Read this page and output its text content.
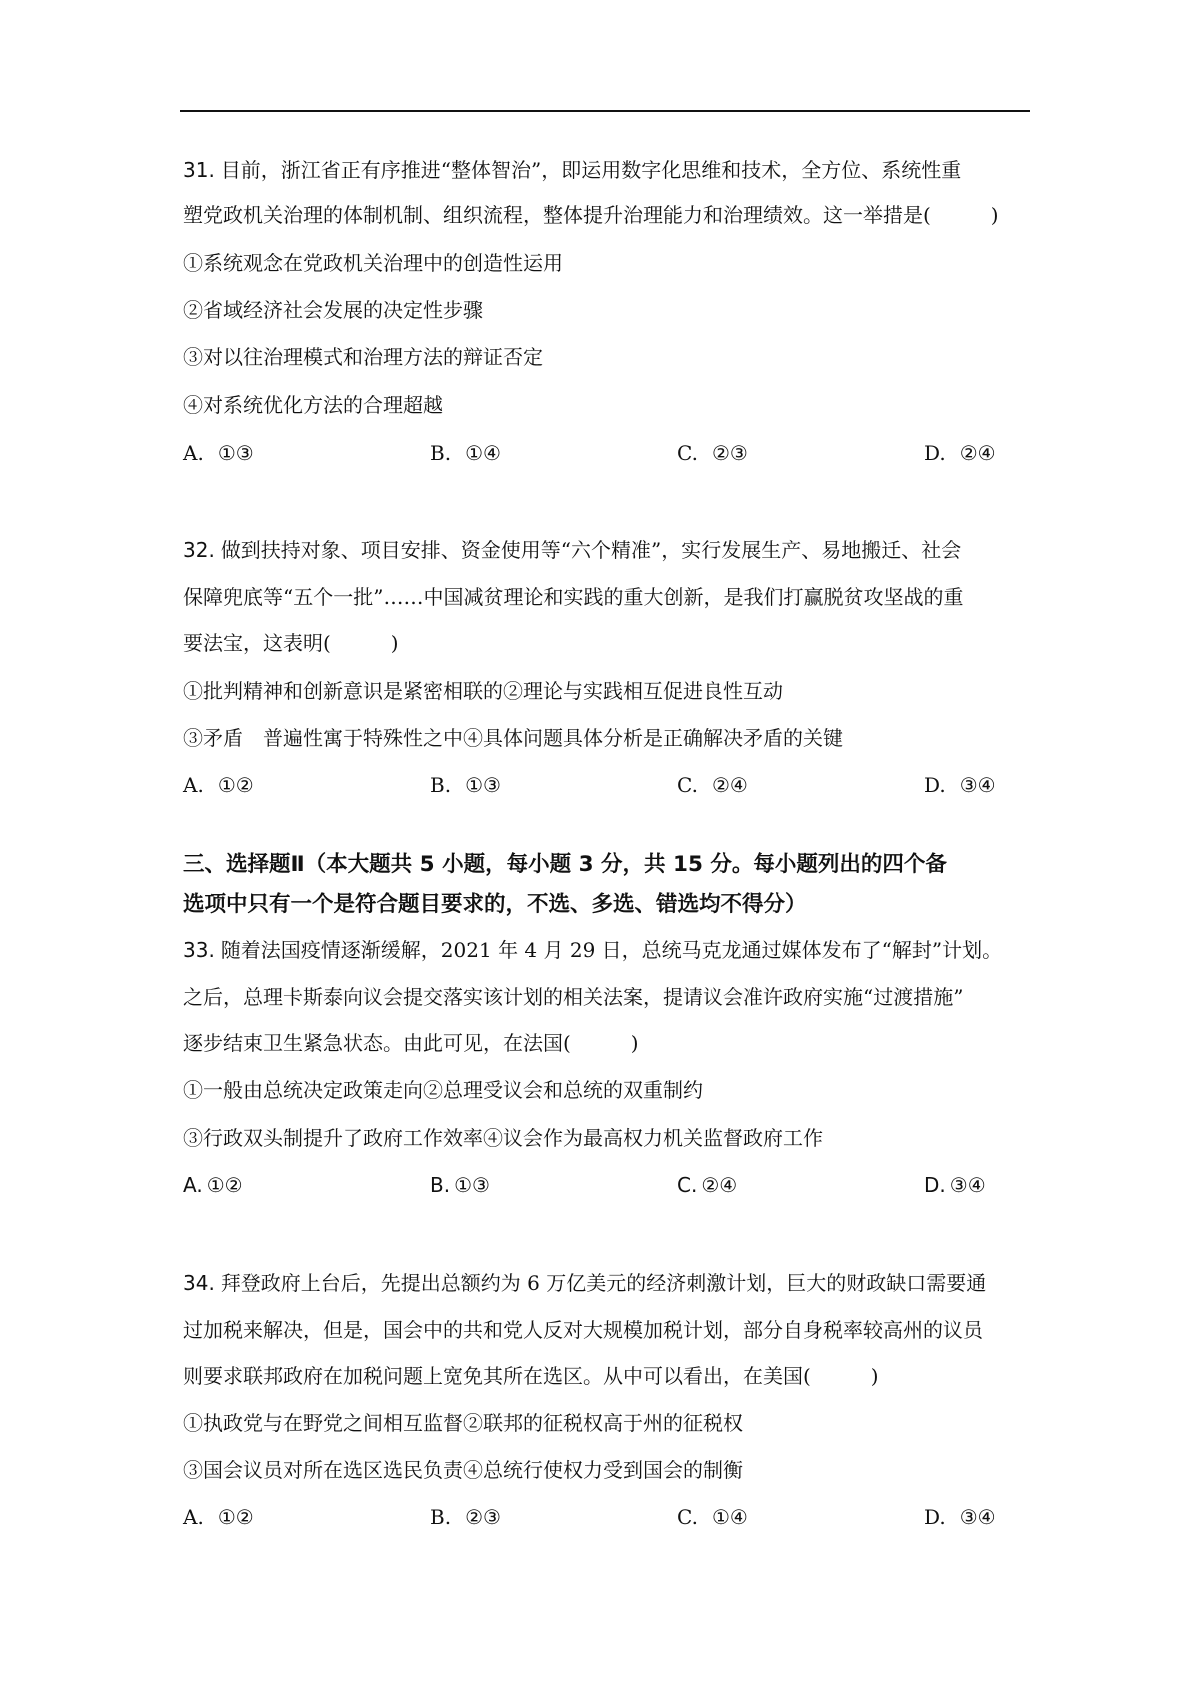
31. 目前，浙江省正有序推进“整体智治”，即运用数字化思维和技术，全方位、系统性重
塑党政机关治理的体制机制、组织流程，整体提升治理能力和治理绩效。这一举措是(　　　)
①系统观念在党政机关治理中的创造性运用
②省域经济社会发展的决定性步骤
③对以往治理模式和治理方法的辩证否定
④对系统优化方法的合理超越
A. ①③	B. ①④	C. ②③	D. ②④
32. 做到扶持对象、项目安排、资金使用等“六个精准”，实行发展生产、易地搬迁、社会
保障兜底等“五个一批”……中国减贫理论和实践的重大创新，是我们打赢脱贫攻坚战的重
要法宝，这表明(　　　)
①批判精神和创新意识是紧密相联的②理论与实践相互促进良性互动
③矛盾　普遍性寓于特殊性之中④具体问题具体分析是正确解决矛盾的关键
A. ①②	B. ①③	C. ②④	D. ③④
三、选择题Ⅱ（本大题共 5 小题，每小题 3 分，共 15 分。每小题列出的四个备
选项中只有一个是符合题目要求的，不选、多选、错选均不得分）
33. 随着法国疫情逐渐缓解，2021 年 4 月 29 日，总统马克龙通过媒体发布了“解封”计划。
之后，总理卡斯泰向议会提交落实该计划的相关法案，提请议会准许政府实施“过渡措施”
逐步结束卫生紧急状态。由此可见，在法国(　　　)
①一般由总统决定政策走向②总理受议会和总统的双重制约
③行政双头制提升了政府工作效率④议会作为最高权力机关监督政府工作
A. ①②	B. ①③	C. ②④	D. ③④
34. 拜登政府上台后，先提出总额约为 6 万亿美元的经济刺激计划，巨大的财政缺口需要通
过加税来解决，但是，国会中的共和党人反对大规模加税计划，部分自身税率较高州的议员
则要求联邦政府在加税问题上宽免其所在选区。从中可以看出，在美国(　　　)
①执政党与在野党之间相互监督②联邦的征税权高于州的征税权
③国会议员对所在选区选民负责④总统行使权力受到国会的制衡
A. ①②	B. ②③	C. ①④	D. ③④
